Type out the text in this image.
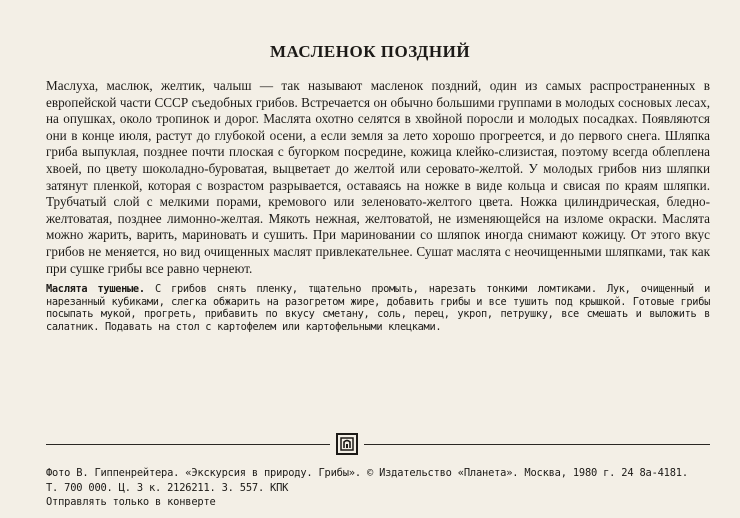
МАСЛЕНОК ПОЗДНИЙ

Маслуха, маслюк, желтик, чалыш — так называют масленок поздний, один из самых распространенных в европейской части СССР съедобных грибов. Встречается он обычно большими группами в молодых сосновых лесах, на опушках, около тропинок и дорог. Маслята охотно селятся в хвойной поросли и молодых посадках. Появляются они в конце июля, растут до глубокой осени, а если земля за лето хорошо прогреется, и до первого снега. Шляпка гриба выпуклая, позднее почти плоская с бугорком посредине, кожица клейко-слизистая, поэтому всегда облеплена хвоей, по цвету шоколадно-буроватая, выцветает до желтой или серовато-желтой. У молодых грибов низ шляпки затянут пленкой, которая с возрастом разрывается, оставаясь на ножке в виде кольца и свисая по краям шляпки. Трубчатый слой с мелкими порами, кремового или зеленовато-желтого цвета. Ножка цилиндрическая, бледно-желтоватая, позднее лимонно-желтая. Мякоть нежная, желтоватой, не изменяющейся на изломе окраски. Маслята можно жарить, варить, мариновать и сушить. При мариновании со шляпок иногда снимают кожицу. От этого вкус грибов не меняется, но вид очищенных маслят привлекательнее. Сушат маслята с неочищенными шляпками, так как при сушке грибы все равно чернеют.

Маслята тушеные. С грибов снять пленку, тщательно промыть, нарезать тонкими ломтиками. Лук, очищенный и нарезанный кубиками, слегка обжарить на разогретом жире, добавить грибы и все тушить под крышкой. Готовые грибы посыпать мукой, прогреть, прибавить по вкусу сметану, соль, перец, укроп, петрушку, все смешать и выложить в салатник. Подавать на стол с картофелем или картофельными клецками.

Фото В. Гиппенрейтера. «Экскурсия в природу. Грибы». © Издательство «Планета». Москва, 1980 г. 24 8а-4181.
Т. 700 000. Ц. 3 к. 2126211. З. 557. КПК
Отправлять только в конверте
